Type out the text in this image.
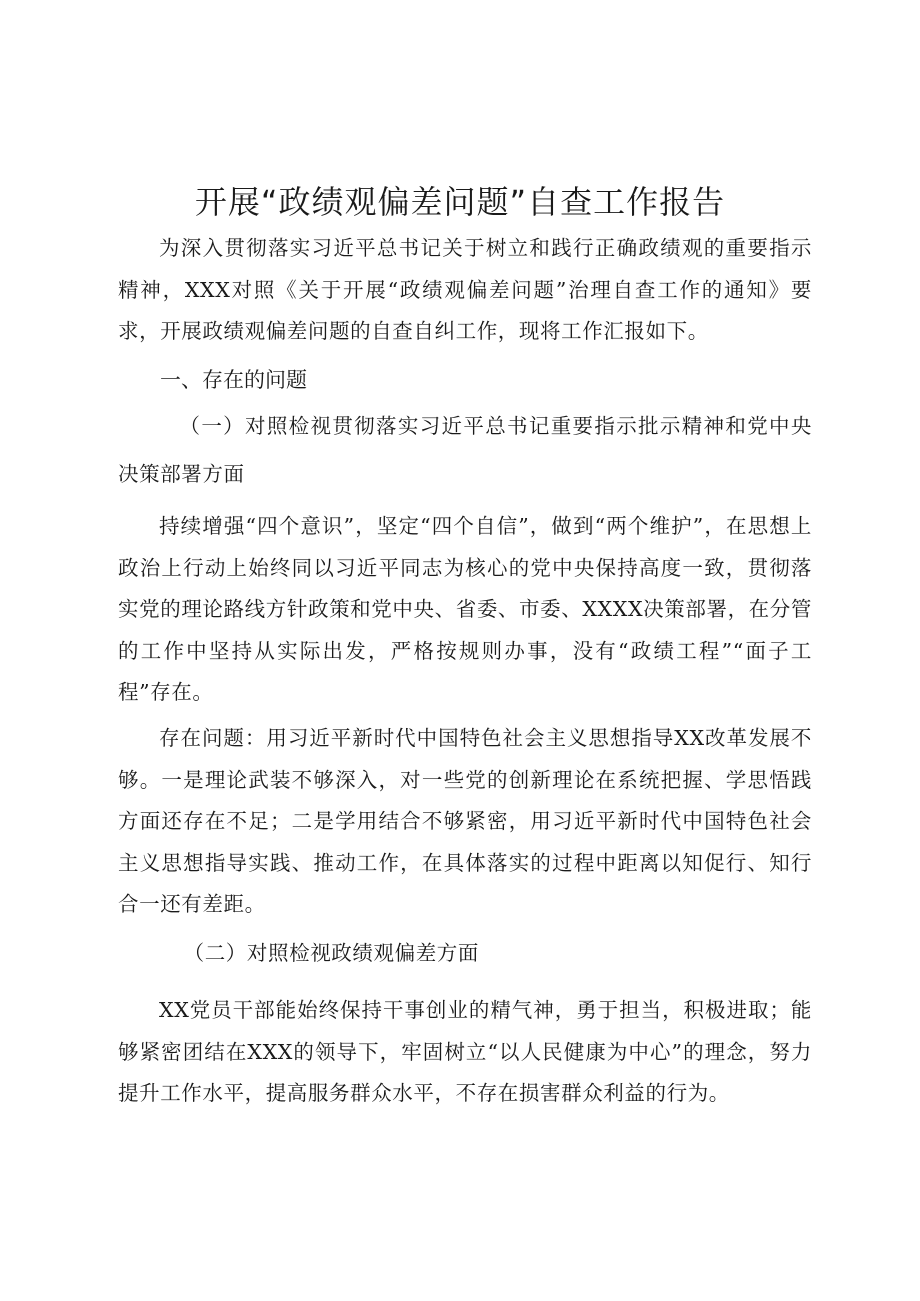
开展“政绩观偏差问题”自查工作报告

为深入贯彻落实习近平总书记关于树立和践行正确政绩观的重要指示精神，XXX对照《关于开展“政绩观偏差问题”治理自查工作的通知》要求，开展政绩观偏差问题的自查自纠工作，现将工作汇报如下。

一、存在的问题

（一）对照检视贯彻落实习近平总书记重要指示批示精神和党中央决策部署方面

持续增强“四个意识”，坚定“四个自信”，做到“两个维护”，在思想上政治上行动上始终同以习近平同志为核心的党中央保持高度一致，贯彻落实党的理论路线方针政策和党中央、省委、市委、XXXX决策部署，在分管的工作中坚持从实际出发，严格按规则办事，没有“政绩工程”“面子工程”存在。

存在问题：用习近平新时代中国特色社会主义思想指导XX改革发展不够。一是理论武装不够深入，对一些党的创新理论在系统把握、学思悟践方面还存在不足；二是学用结合不够紧密，用习近平新时代中国特色社会主义思想指导实践、推动工作，在具体落实的过程中距离以知促行、知行合一还有差距。

（二）对照检视政绩观偏差方面

XX党员干部能始终保持干事创业的精气神，勇于担当，积极进取；能够紧密团结在XXX的领导下，牢固树立“以人民健康为中心”的理念，努力提升工作水平，提高服务群众水平，不存在损害群众利益的行为。
